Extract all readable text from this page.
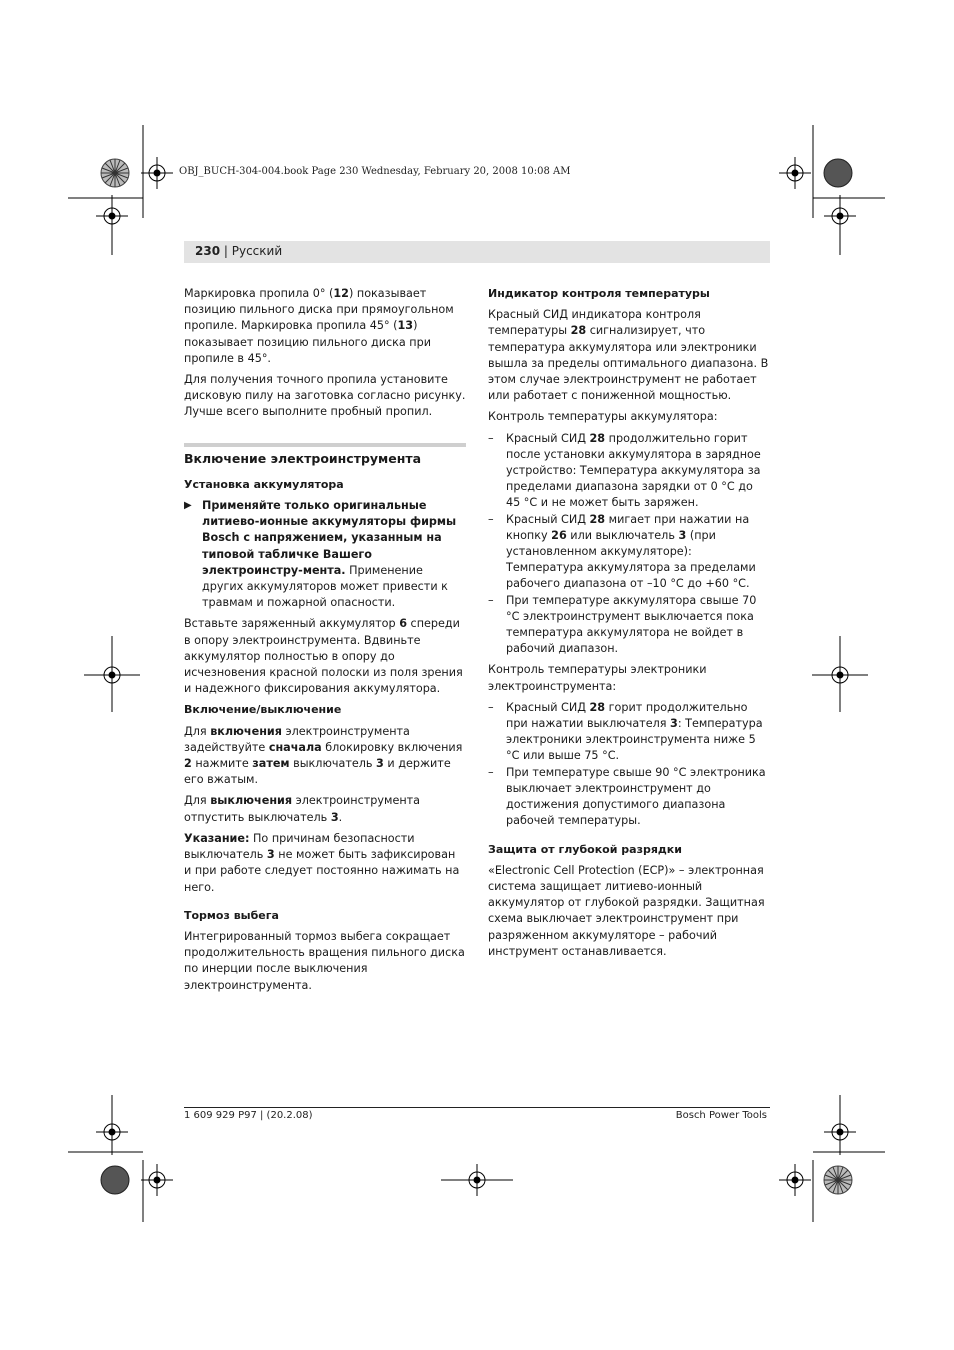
OBJ_BUCH-304-004.book Page 230 Wednesday, February 20, 2008 10:08 AM
230 | Русский

Маркировка пропила 0° (12) показывает позицию пильного диска при прямоугольном пропиле. Маркировка пропила 45° (13) показывает позицию пильного диска при пропиле в 45°.

Для получения точного пропила установите дисковую пилу на заготовка согласно рисунку. Лучше всего выполните пробный пропил.

Включение электроинструмента
Установка аккумулятора
▶ Применяйте только оригинальные литиево-ионные аккумуляторы фирмы Bosch с напряжением, указанным на типовой табличке Вашего электроинстру-мента. Применение других аккумуляторов может привести к травмам и пожарной опасности.

Вставьте заряженный аккумулятор 6 спереди в опору электроинструмента. Вдвиньте аккумулятор полностью в опору до исчезновения красной полоски из поля зрения и надежного фиксирования аккумулятора.

Включение/выключение

Для включения электроинструмента задействуйте сначала блокировку включения 2 нажмите затем выключатель 3 и держите его вжатым.

Для выключения электроинструмента отпустить выключатель 3.

Указание: По причинам безопасности выключатель 3 не может быть зафиксирован и при работе следует постоянно нажимать на него.

Тормоз выбега

Интегрированный тормоз выбега сокращает продолжительность вращения пильного диска по инерции после выключения электроинструмента.

Индикатор контроля температуры

Красный СИД индикатора контроля температуры 28 сигнализирует, что температура аккумулятора или электроники вышла за пределы оптимального диапазона. В этом случае электроинструмент не работает или работает с пониженной мощностью.

Контроль температуры аккумулятора:

– Красный СИД 28 продолжительно горит после установки аккумулятора в зарядное устройство: Температура аккумулятора за пределами диапазона зарядки от 0 °C до 45 °C и не может быть заряжен.
– Красный СИД 28 мигает при нажатии на кнопку 26 или выключатель 3 (при установленном аккумуляторе): Температура аккумулятора за пределами рабочего диапазона от –10 °C до +60 °C.
– При температуре аккумулятора свыше 70 °C электроинструмент выключается пока температура аккумулятора не войдет в рабочий диапазон.

Контроль температуры электроники электроинструмента:

– Красный СИД 28 горит продолжительно при нажатии выключателя 3: Температура электроники электроинструмента ниже 5 °C или выше 75 °C.
– При температуре свыше 90 °C электроника выключает электроинструмент до достижения допустимого диапазона рабочей температуры.
Защита от глубокой разрядки

«Electronic Cell Protection (ECP)» – электронная система защищает литиево-ионный аккумулятор от глубокой разрядки. Защитная схема выключает электроинструмент при разряженном аккумуляторе – рабочий инструмент останавливается.

1 609 929 P97 | (20.2.08)	Bosch Power Tools
